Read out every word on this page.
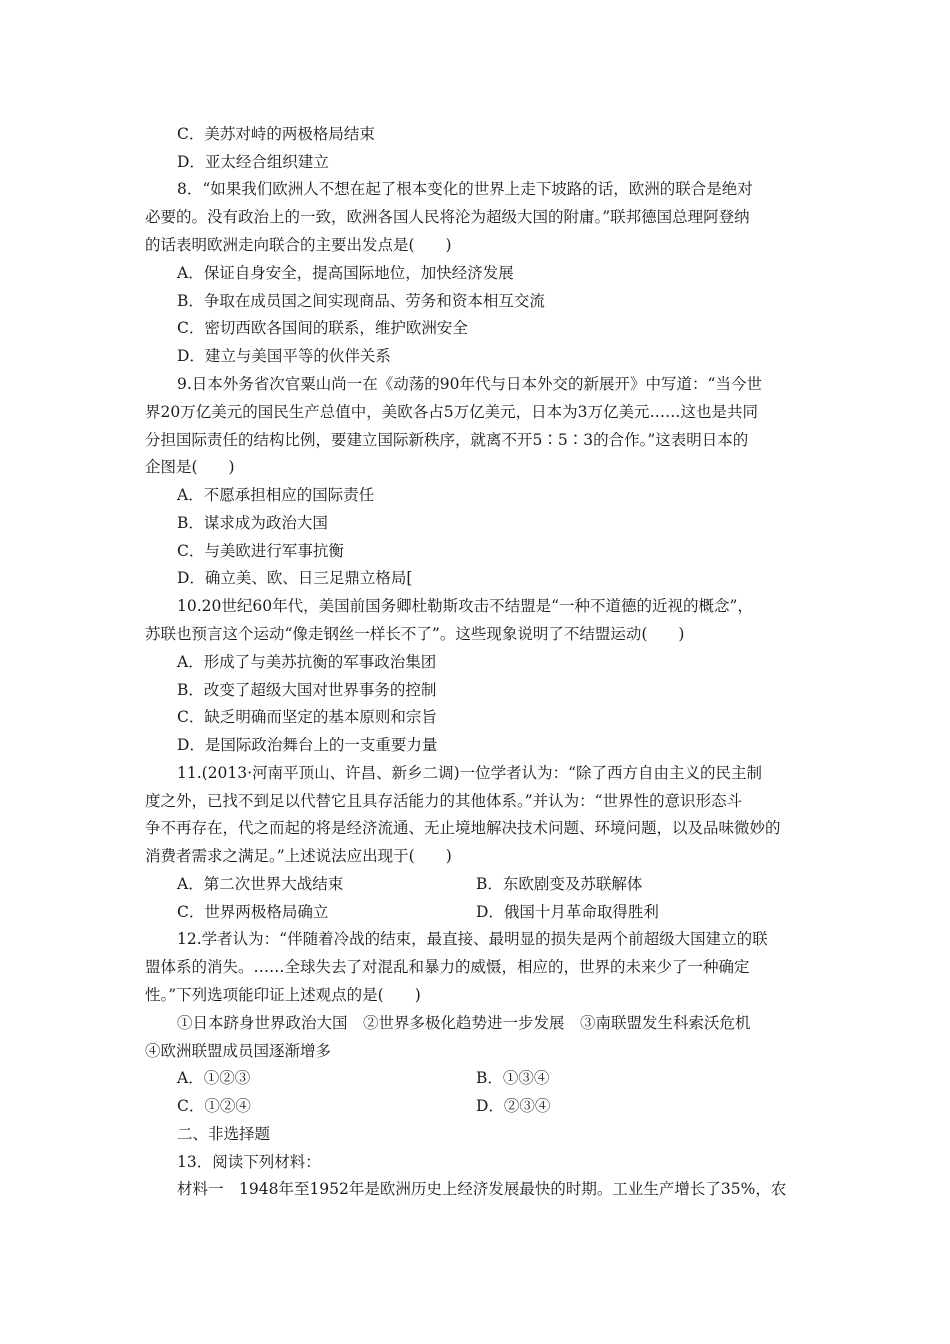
C．美苏对峙的两极格局结束
D．亚太经合组织建立
8．“如果我们欧洲人不想在起了根本变化的世界上走下坡路的话，欧洲的联合是绝对
必要的。没有政治上的一致，欧洲各国人民将沦为超级大国的附庸。”联邦德国总理阿登纳
的话表明欧洲走向联合的主要出发点是(　　)
A．保证自身安全，提高国际地位，加快经济发展
B．争取在成员国之间实现商品、劳务和资本相互交流
C．密切西欧各国间的联系，维护欧洲安全
D．建立与美国平等的伙伴关系
9.日本外务省次官粟山尚一在《动荡的90年代与日本外交的新展开》中写道：“当今世
界20万亿美元的国民生产总值中，美欧各占5万亿美元，日本为3万亿美元……这也是共同
分担国际责任的结构比例，要建立国际新秩序，就离不开5∶5∶3的合作。”这表明日本的
企图是(　　)
A．不愿承担相应的国际责任
B．谋求成为政治大国
C．与美欧进行军事抗衡
D．确立美、欧、日三足鼎立格局[
10.20世纪60年代，美国前国务卿杜勒斯攻击不结盟是“一种不道德的近视的概念”，
苏联也预言这个运动“像走钢丝一样长不了”。这些现象说明了不结盟运动(　　)
A．形成了与美苏抗衡的军事政治集团
B．改变了超级大国对世界事务的控制
C．缺乏明确而坚定的基本原则和宗旨
D．是国际政治舞台上的一支重要力量
11.(2013·河南平顶山、许昌、新乡二调)一位学者认为：“除了西方自由主义的民主制
度之外，已找不到足以代替它且具存活能力的其他体系。”并认为：“世界性的意识形态斗
争不再存在，代之而起的将是经济流通、无止境地解决技术问题、环境问题，以及品味微妙的
消费者需求之满足。”上述说法应出现于(　　)
A．第二次世界大战结束	B．东欧剧变及苏联解体
C．世界两极格局确立	D．俄国十月革命取得胜利
12.学者认为：“伴随着冷战的结束，最直接、最明显的损失是两个前超级大国建立的联
盟体系的消失。……全球失去了对混乱和暴力的威慑，相应的，世界的未来少了一种确定
性。”下列选项能印证上述观点的是(　　)
①日本跻身世界政治大国　②世界多极化趋势进一步发展　③南联盟发生科索沃危机
④欧洲联盟成员国逐渐增多
A．①②③	B．①③④
C．①②④	D．②③④
二、非选择题
13．阅读下列材料：
材料一　1948年至1952年是欧洲历史上经济发展最快的时期。工业生产增长了35%，农
